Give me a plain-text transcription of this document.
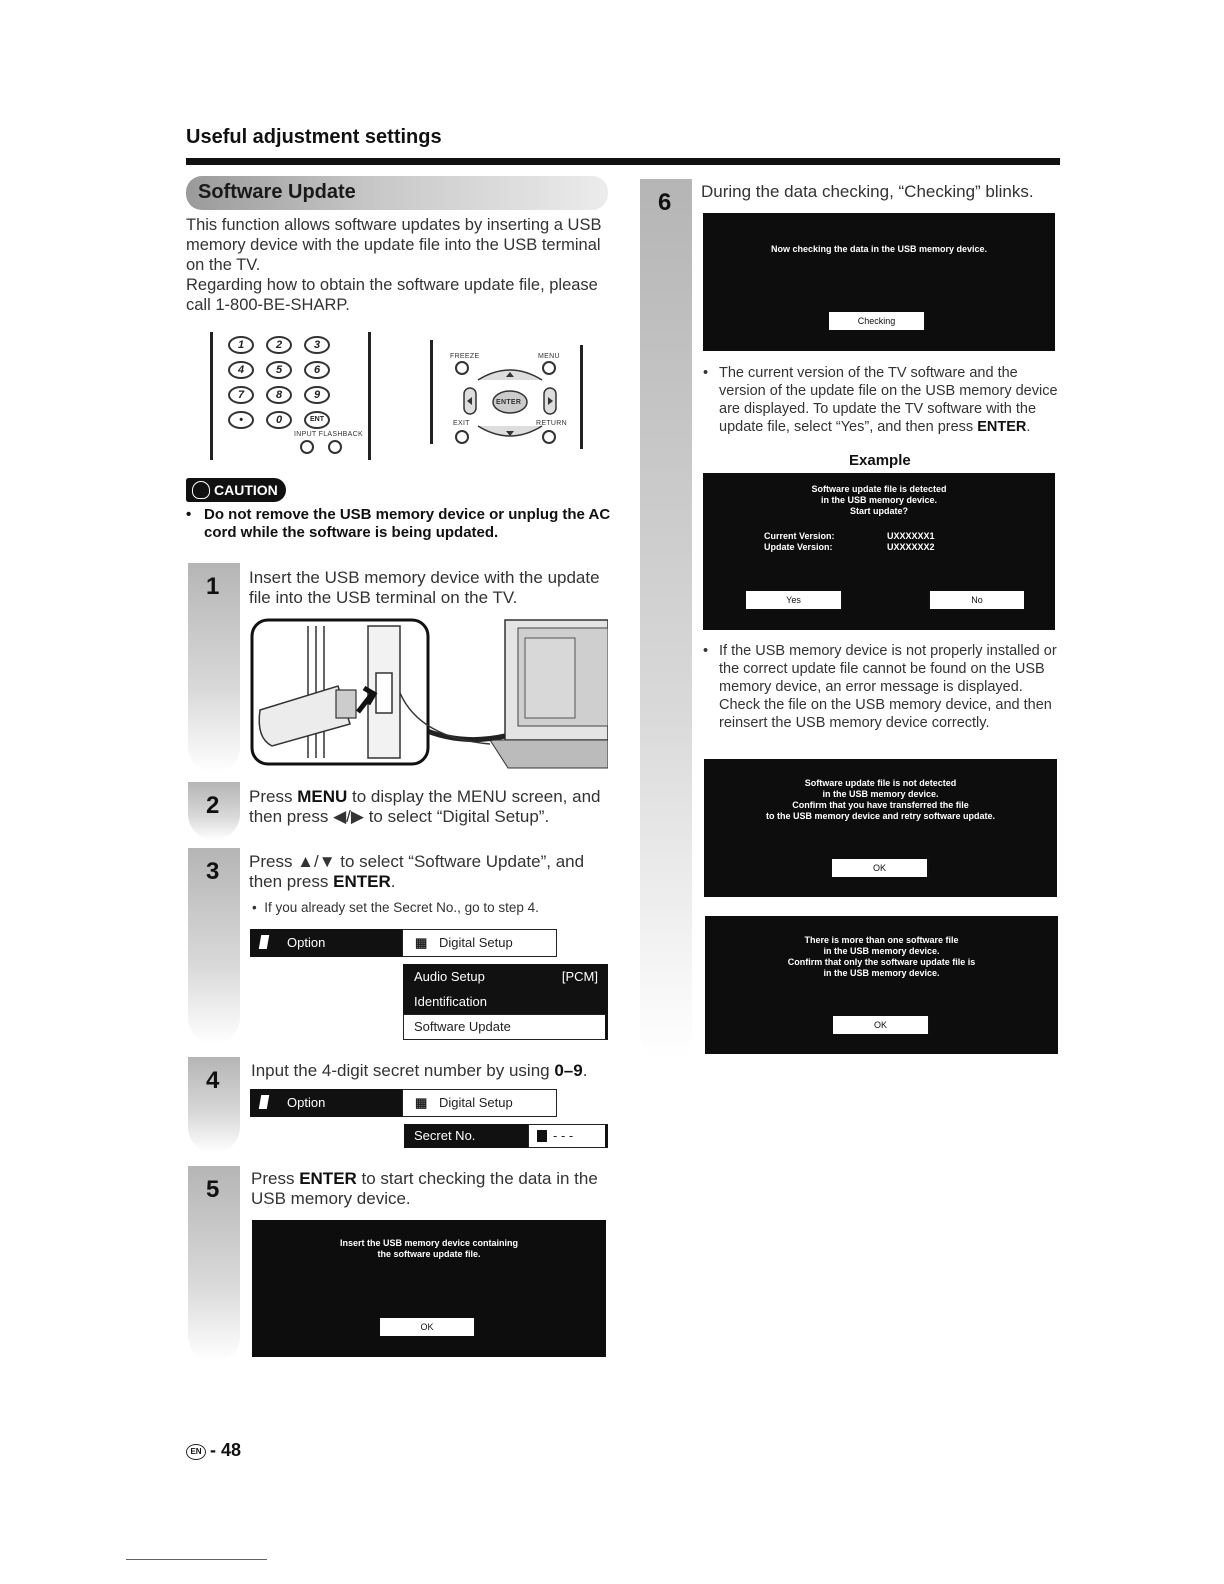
Useful adjustment settings
Software Update
This function allows software updates by inserting a USB memory device with the update file into the USB terminal on the TV.
Regarding how to obtain the software update file, please call 1-800-BE-SHARP.
1	2	3
4	5	6
7	8	9
•	0	ENT
INPUT FLASHBACK
FREEZE	MENU
ENTER
EXIT	RETURN
CAUTION
• Do not remove the USB memory device or unplug the AC cord while the software is being updated.
1 Insert the USB memory device with the update file into the USB terminal on the TV.
2 Press MENU to display the MENU screen, and then press ◀/▶ to select “Digital Setup”.
3 Press ▲/▼ to select “Software Update”, and then press ENTER.
•  If you already set the Secret No., go to step 4.
Option	▦ Digital Setup
Audio Setup	[PCM]
Identification
Software Update
4 Input the 4-digit secret number by using 0–9.
Option	▦ Digital Setup
Secret No.	- - -
5 Press ENTER to start checking the data in the USB memory device.
Insert the USB memory device containing
the software update file.
OK
6 During the data checking, “Checking” blinks.
Now checking the data in the USB memory device.
Checking
• The current version of the TV software and the version of the update file on the USB memory device are displayed. To update the TV software with the update file, select “Yes”, and then press ENTER.
Example
Software update file is detected
in the USB memory device.
Start update?
Current Version:	UXXXXXX1
Update Version:	UXXXXXX2
Yes	No
• If the USB memory device is not properly installed or the correct update file cannot be found on the USB memory device, an error message is displayed.
Check the file on the USB memory device, and then reinsert the USB memory device correctly.
Software update file is not detected
in the USB memory device.
Confirm that you have transferred the file
to the USB memory device and retry software update.
OK
There is more than one software file
in the USB memory device.
Confirm that only the software update file is
in the USB memory device.
OK
EN - 48
